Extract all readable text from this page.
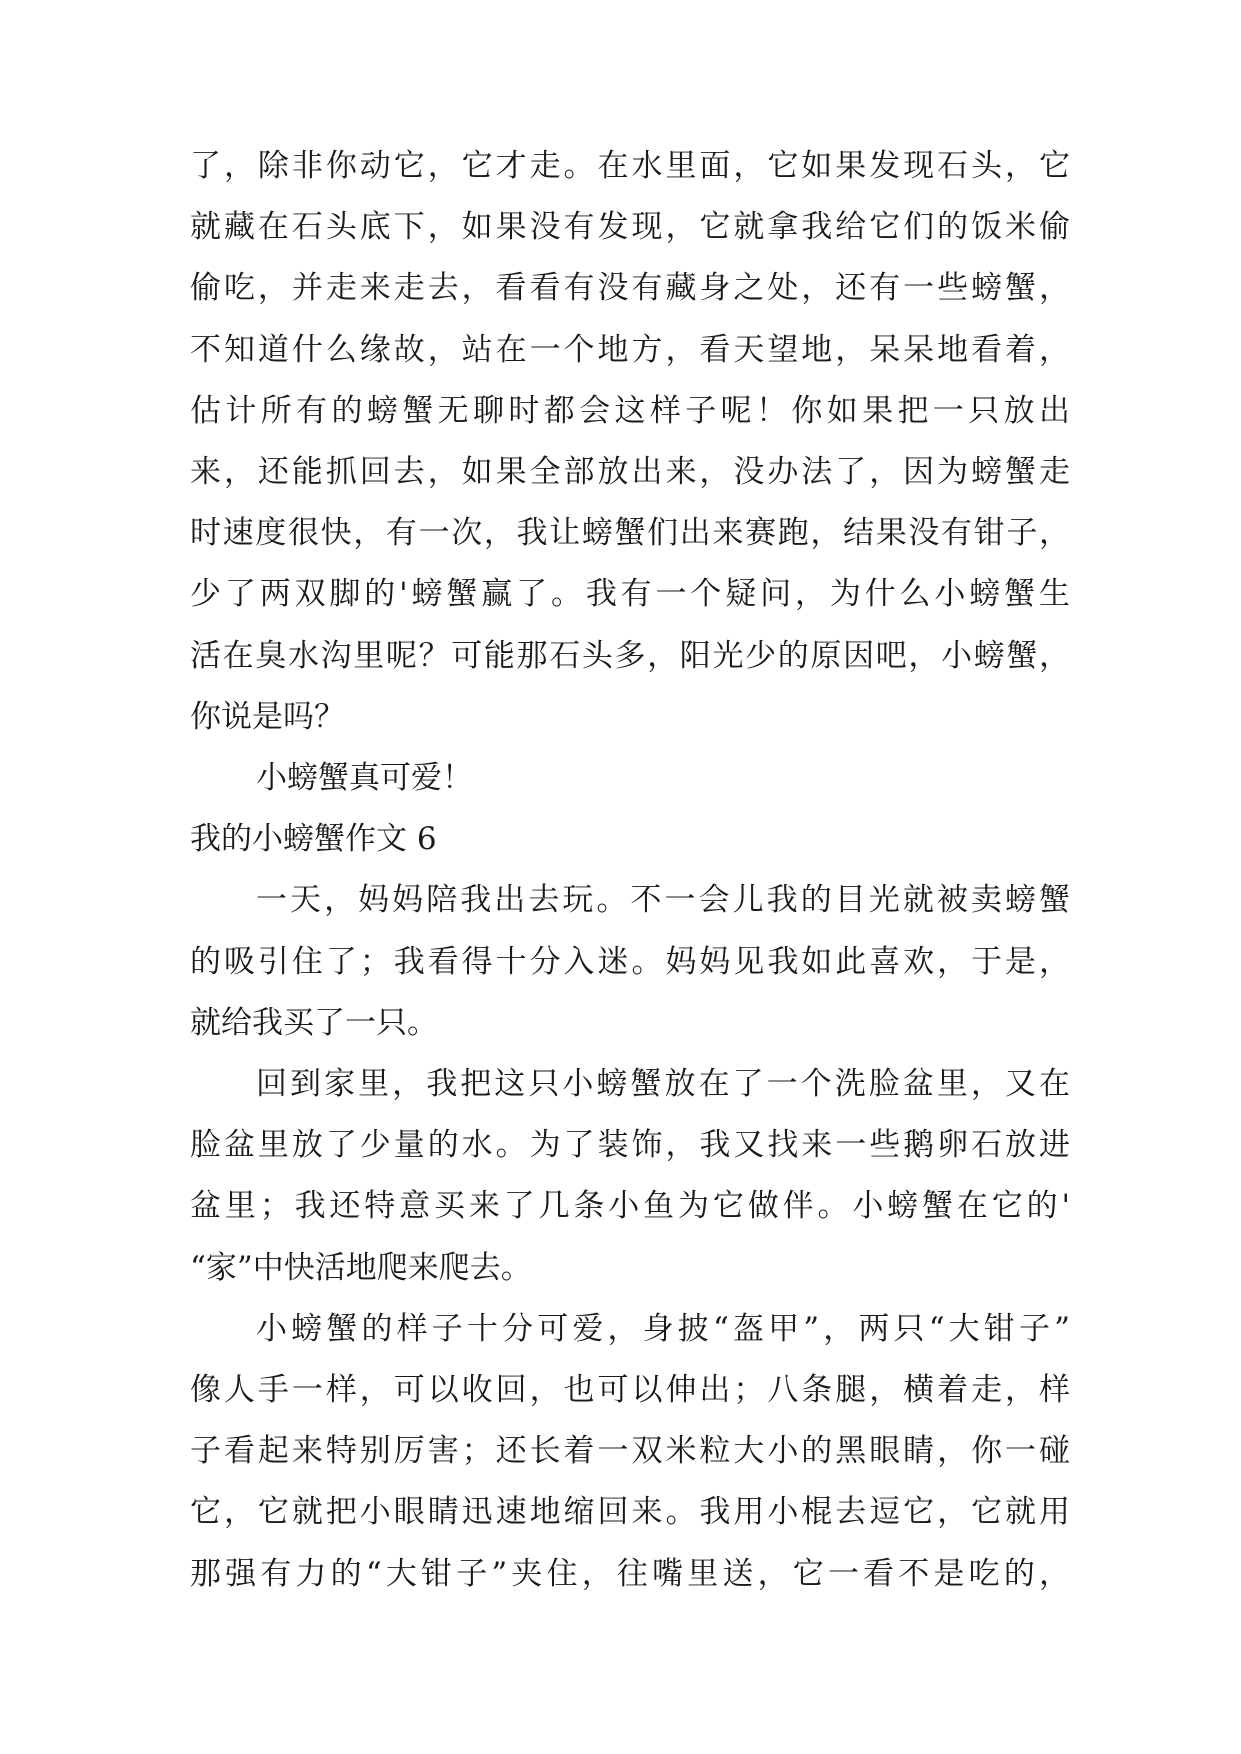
了，除非你动它，它才走。在水里面，它如果发现石头，它
就藏在石头底下，如果没有发现，它就拿我给它们的饭米偷
偷吃，并走来走去，看看有没有藏身之处，还有一些螃蟹，
不知道什么缘故，站在一个地方，看天望地，呆呆地看着，
估计所有的螃蟹无聊时都会这样子呢！你如果把一只放出
来，还能抓回去，如果全部放出来，没办法了，因为螃蟹走
时速度很快，有一次，我让螃蟹们出来赛跑，结果没有钳子，
少了两双脚的'螃蟹赢了。我有一个疑问，为什么小螃蟹生
活在臭水沟里呢？可能那石头多，阳光少的原因吧，小螃蟹，
你说是吗？
小螃蟹真可爱！
我的小螃蟹作文 6
一天，妈妈陪我出去玩。不一会儿我的目光就被卖螃蟹
的吸引住了；我看得十分入迷。妈妈见我如此喜欢，于是，
就给我买了一只。
回到家里，我把这只小螃蟹放在了一个洗脸盆里，又在
脸盆里放了少量的水。为了装饰，我又找来一些鹅卵石放进
盆里；我还特意买来了几条小鱼为它做伴。小螃蟹在它的'
“家”中快活地爬来爬去。
小螃蟹的样子十分可爱，身披“盔甲”，两只“大钳子”
像人手一样，可以收回，也可以伸出；八条腿，横着走，样
子看起来特别厉害；还长着一双米粒大小的黑眼睛，你一碰
它，它就把小眼睛迅速地缩回来。我用小棍去逗它，它就用
那强有力的“大钳子”夹住，往嘴里送，它一看不是吃的，
